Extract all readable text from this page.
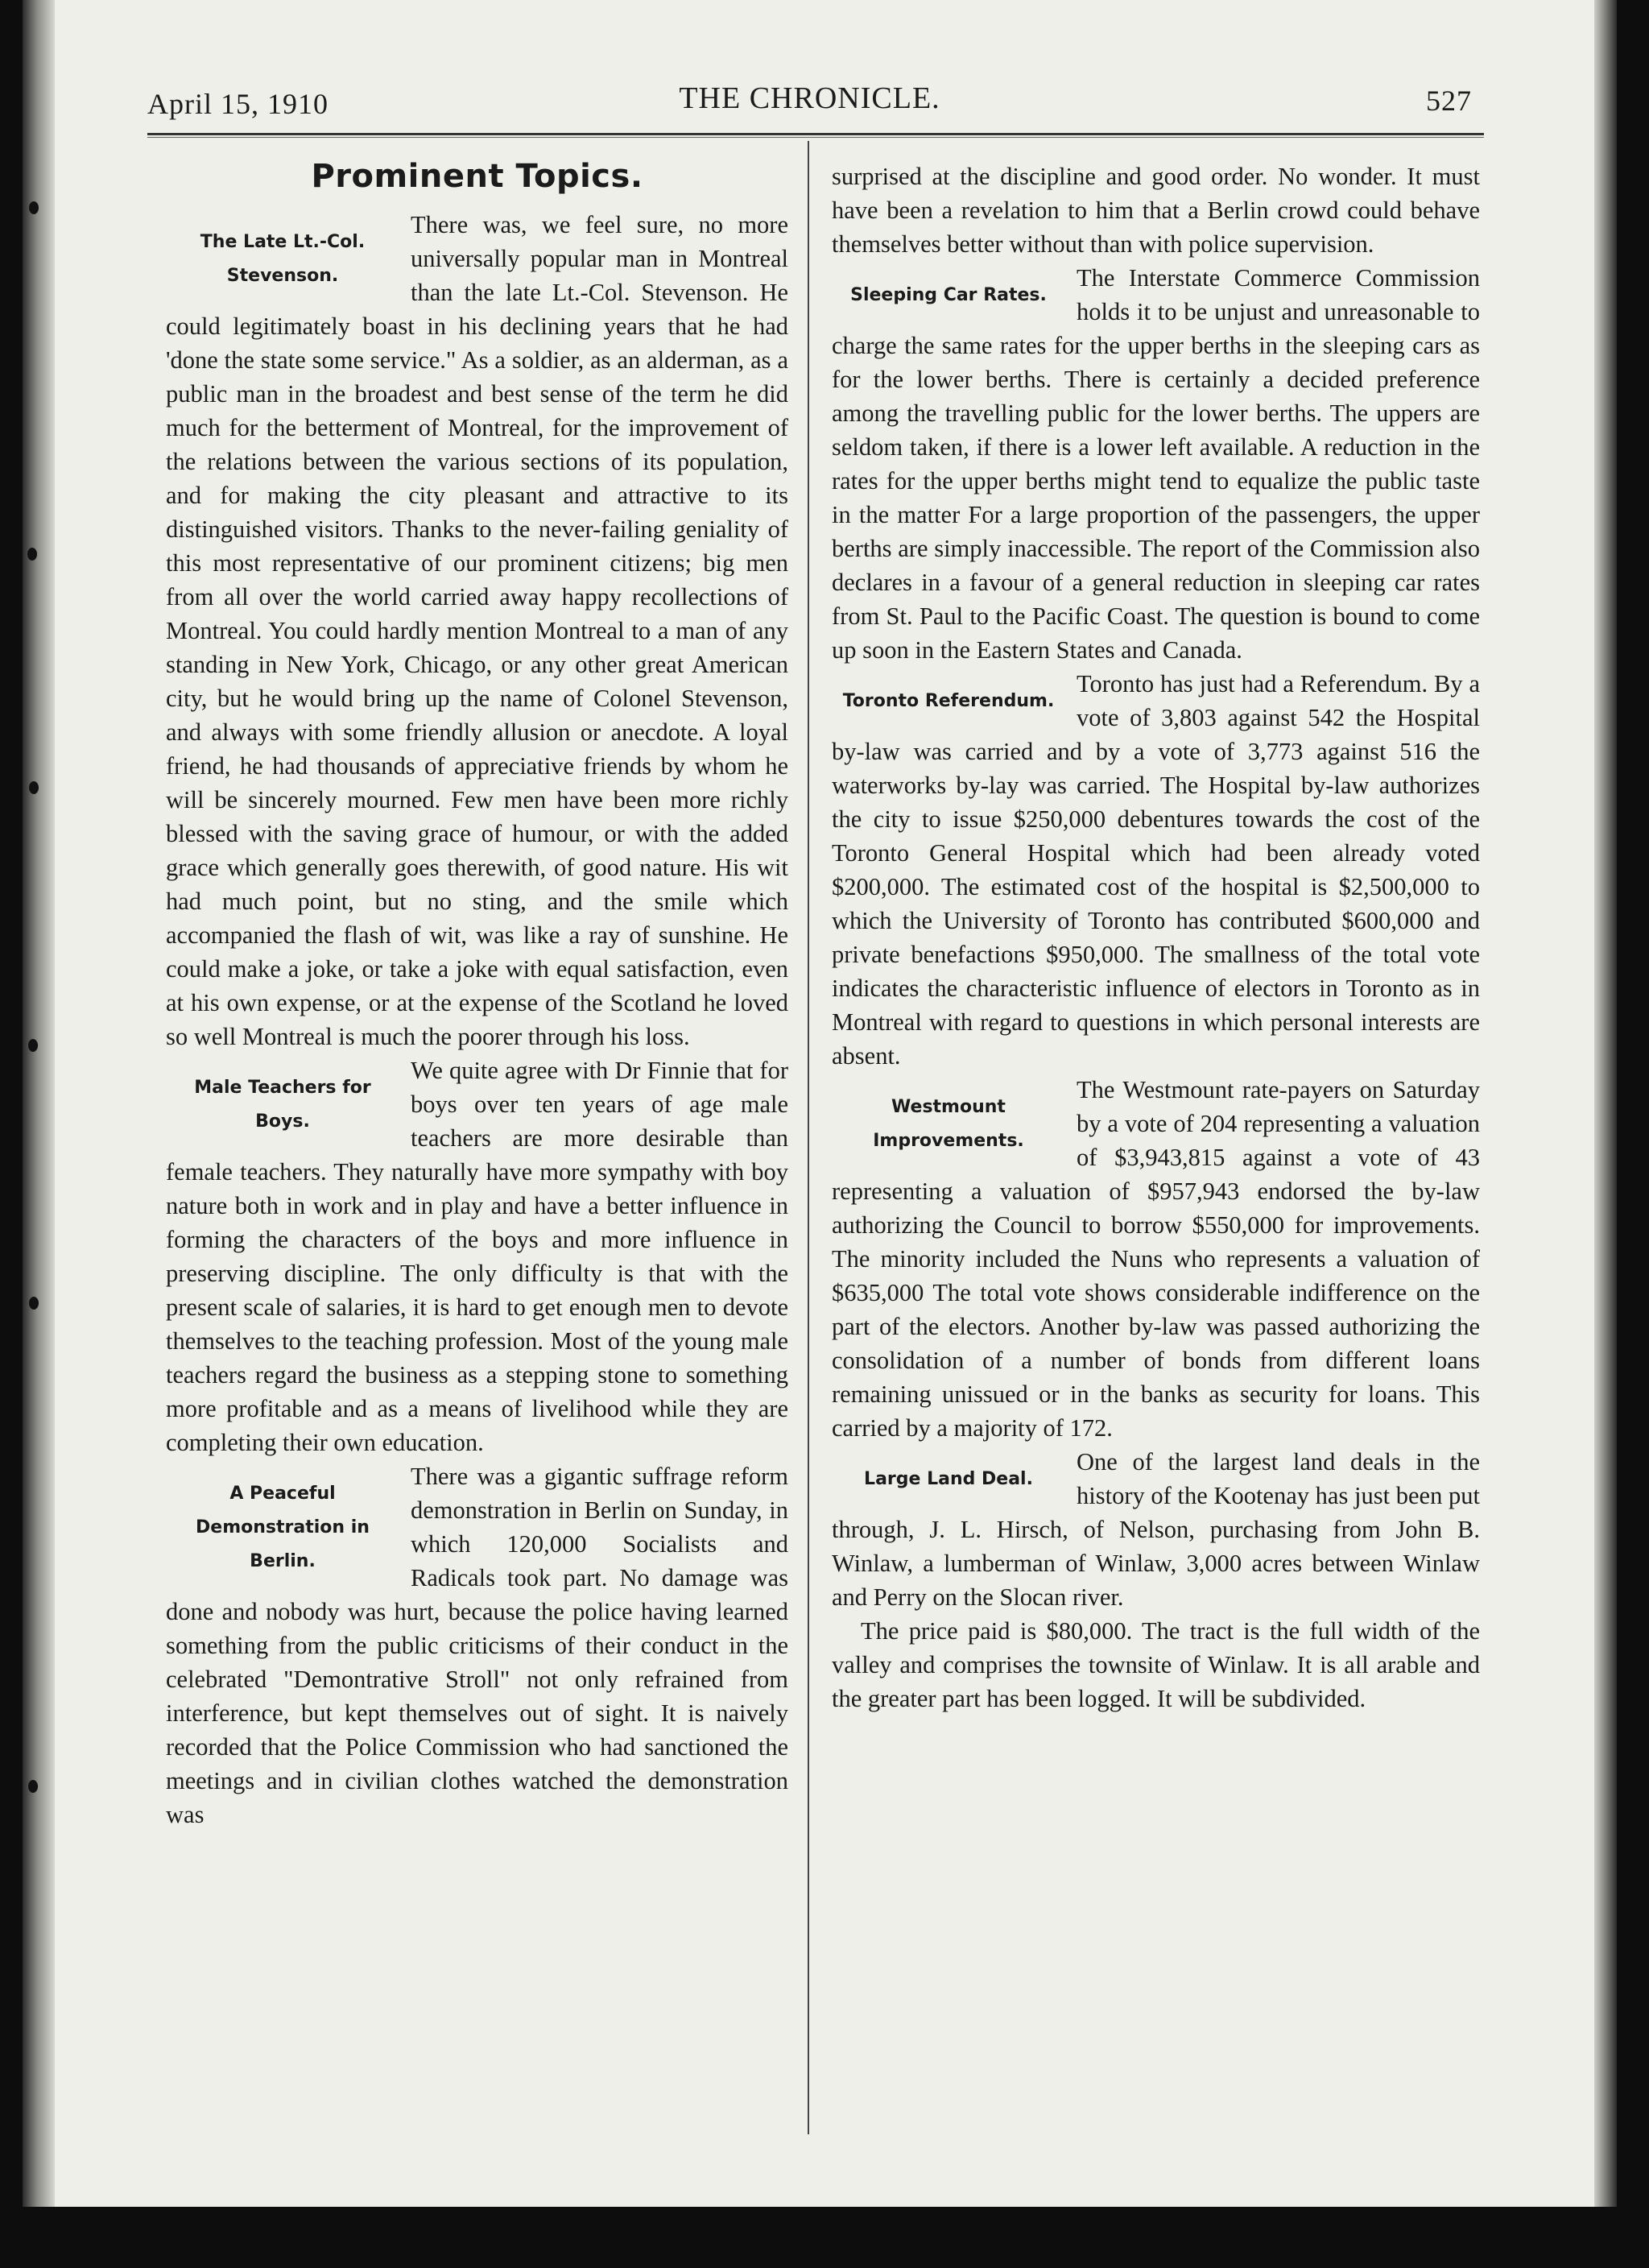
THE CHRONICLE.
April 15, 1910	527
Prominent Topics.
The Late Lt.-Col. Stevenson.

There was, we feel sure, no more universally popular man in Montreal than the late Lt.-Col. Stevenson. He could legitimately boast in his declining years that he had 'done the state some service." As a soldier, as an alderman, as a public man in the broadest and best sense of the term he did much for the betterment of Montreal, for the improvement of the relations between the various sections of its population, and for making the city pleasant and attractive to its distinguished visitors. Thanks to the never-failing geniality of this most representative of our prominent citizens; big men from all over the world carried away happy recollections of Montreal. You could hardly mention Montreal to a man of any standing in New York, Chicago, or any other great American city, but he would bring up the name of Colonel Stevenson, and always with some friendly allusion or anecdote. A loyal friend, he had thousands of appreciative friends by whom he will be sincerely mourned. Few men have been more richly blessed with the saving grace of humour, or with the added grace which generally goes therewith, of good nature. His wit had much point, but no sting, and the smile which accompanied the flash of wit, was like a ray of sunshine. He could make a joke, or take a joke with equal satisfaction, even at his own expense, or at the expense of the Scotland he loved so well Montreal is much the poorer through his loss.

Male Teachers for Boys.

We quite agree with Dr Finnie that for boys over ten years of age male teachers are more desirable than female teachers. They naturally have more sympathy with boy nature both in work and in play and have a better influence in forming the characters of the boys and more influence in preserving discipline. The only difficulty is that with the present scale of salaries, it is hard to get enough men to devote themselves to the teaching profession. Most of the young male teachers regard the business as a stepping stone to something more profitable and as a means of livelihood while they are completing their own education.

A Peaceful Demonstration in Berlin.

There was a gigantic suffrage reform demonstration in Berlin on Sunday, in which 120,000 Socialists and Radicals took part. No damage was done and nobody was hurt, because the police having learned something from the public criticisms of their conduct in the celebrated "Demontrative Stroll" not only refrained from interference, but kept themselves out of sight. It is naively recorded that the Police Commission who had sanctioned the meetings and in civilian clothes watched the demonstration was

surprised at the discipline and good order. No wonder. It must have been a revelation to him that a Berlin crowd could behave themselves better without than with police supervision.

Sleeping Car Rates.

The Interstate Commerce Commission holds it to be unjust and unreasonable to charge the same rates for the upper berths in the sleeping cars as for the lower berths. There is certainly a decided preference among the travelling public for the lower berths. The uppers are seldom taken, if there is a lower left available. A reduction in the rates for the upper berths might tend to equalize the public taste in the matter For a large proportion of the passengers, the upper berths are simply inaccessible. The report of the Commission also declares in a favour of a general reduction in sleeping car rates from St. Paul to the Pacific Coast. The question is bound to come up soon in the Eastern States and Canada.

Toronto Referendum.

Toronto has just had a Referendum. By a vote of 3,803 against 542 the Hospital by-law was carried and by a vote of 3,773 against 516 the waterworks by-lay was carried. The Hospital by-law authorizes the city to issue $250,000 debentures towards the cost of the Toronto General Hospital which had been already voted $200,000. The estimated cost of the hospital is $2,500,000 to which the University of Toronto has contributed $600,000 and private benefactions $950,000. The smallness of the total vote indicates the characteristic influence of electors in Toronto as in Montreal with regard to questions in which personal interests are absent.

Westmount Improvements.

The Westmount rate-payers on Saturday by a vote of 204 representing a valuation of $3,943,815 against a vote of 43 representing a valuation of $957,943 endorsed the by-law authorizing the Council to borrow $550,000 for improvements. The minority included the Nuns who represents a valuation of $635,000 The total vote shows considerable indifference on the part of the electors. Another by-law was passed authorizing the consolidation of a number of bonds from different loans remaining unissued or in the banks as security for loans. This carried by a majority of 172.

Large Land Deal.

One of the largest land deals in the history of the Kootenay has just been put through, J. L. Hirsch, of Nelson, purchasing from John B. Winlaw, a lumberman of Winlaw, 3,000 acres between Winlaw and Perry on the Slocan river.

The price paid is $80,000. The tract is the full width of the valley and comprises the townsite of Winlaw. It is all arable and the greater part has been logged. It will be subdivided.
